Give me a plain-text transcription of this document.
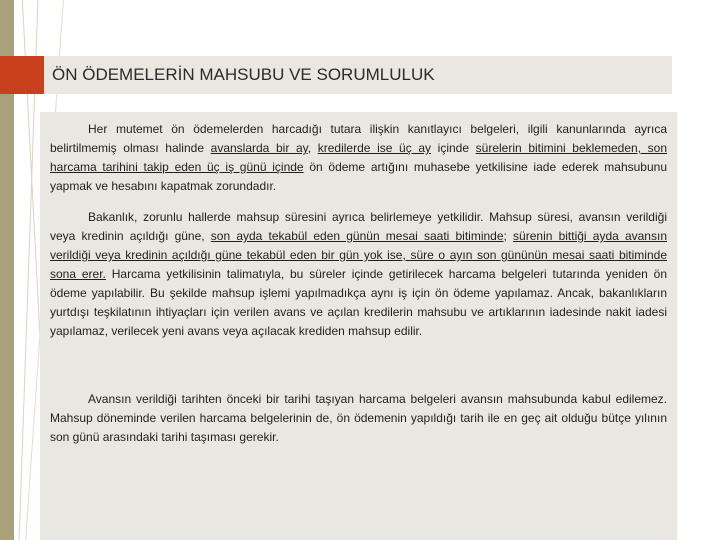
ÖN ÖDEMELERİN MAHSUBU VE SORUMLULUK

Her mutemet ön ödemelerden harcadığı tutara ilişkin kanıtlayıcı belgeleri, ilgili kanunlarında ayrıca belirtilmemiş olması halinde avanslarda bir ay, kredilerde ise üç ay içinde sürelerin bitimini beklemeden, son harcama tarihini takip eden üç iş günü içinde ön ödeme artığını muhasebe yetkilisine iade ederek mahsubunu yapmak ve hesabını kapatmak zorundadır.

Bakanlık, zorunlu hallerde mahsup süresini ayrıca belirlemeye yetkilidir. Mahsup süresi, avansın verildiği veya kredinin açıldığı güne, son ayda tekabül eden günün mesai saati bitiminde; sürenin bittiği ayda avansın verildiği veya kredinin açıldığı güne tekabül eden bir gün yok ise, süre o ayın son gününün mesai saati bitiminde sona erer. Harcama yetkilisinin talimatıyla, bu süreler içinde getirilecek harcama belgeleri tutarında yeniden ön ödeme yapılabilir. Bu şekilde mahsup işlemi yapılmadıkça aynı iş için ön ödeme yapılamaz. Ancak, bakanlıkların yurtdışı teşkilatının ihtiyaçları için verilen avans ve açılan kredilerin mahsubu ve artıklarının iadesinde nakit iadesi yapılamaz, verilecek yeni avans veya açılacak krediden mahsup edilir.

Avansın verildiği tarihten önceki bir tarihi taşıyan harcama belgeleri avansın mahsubunda kabul edilemez. Mahsup döneminde verilen harcama belgelerinin de, ön ödemenin yapıldığı tarih ile en geç ait olduğu bütçe yılının son günü arasındaki tarihi taşıması gerekir.
